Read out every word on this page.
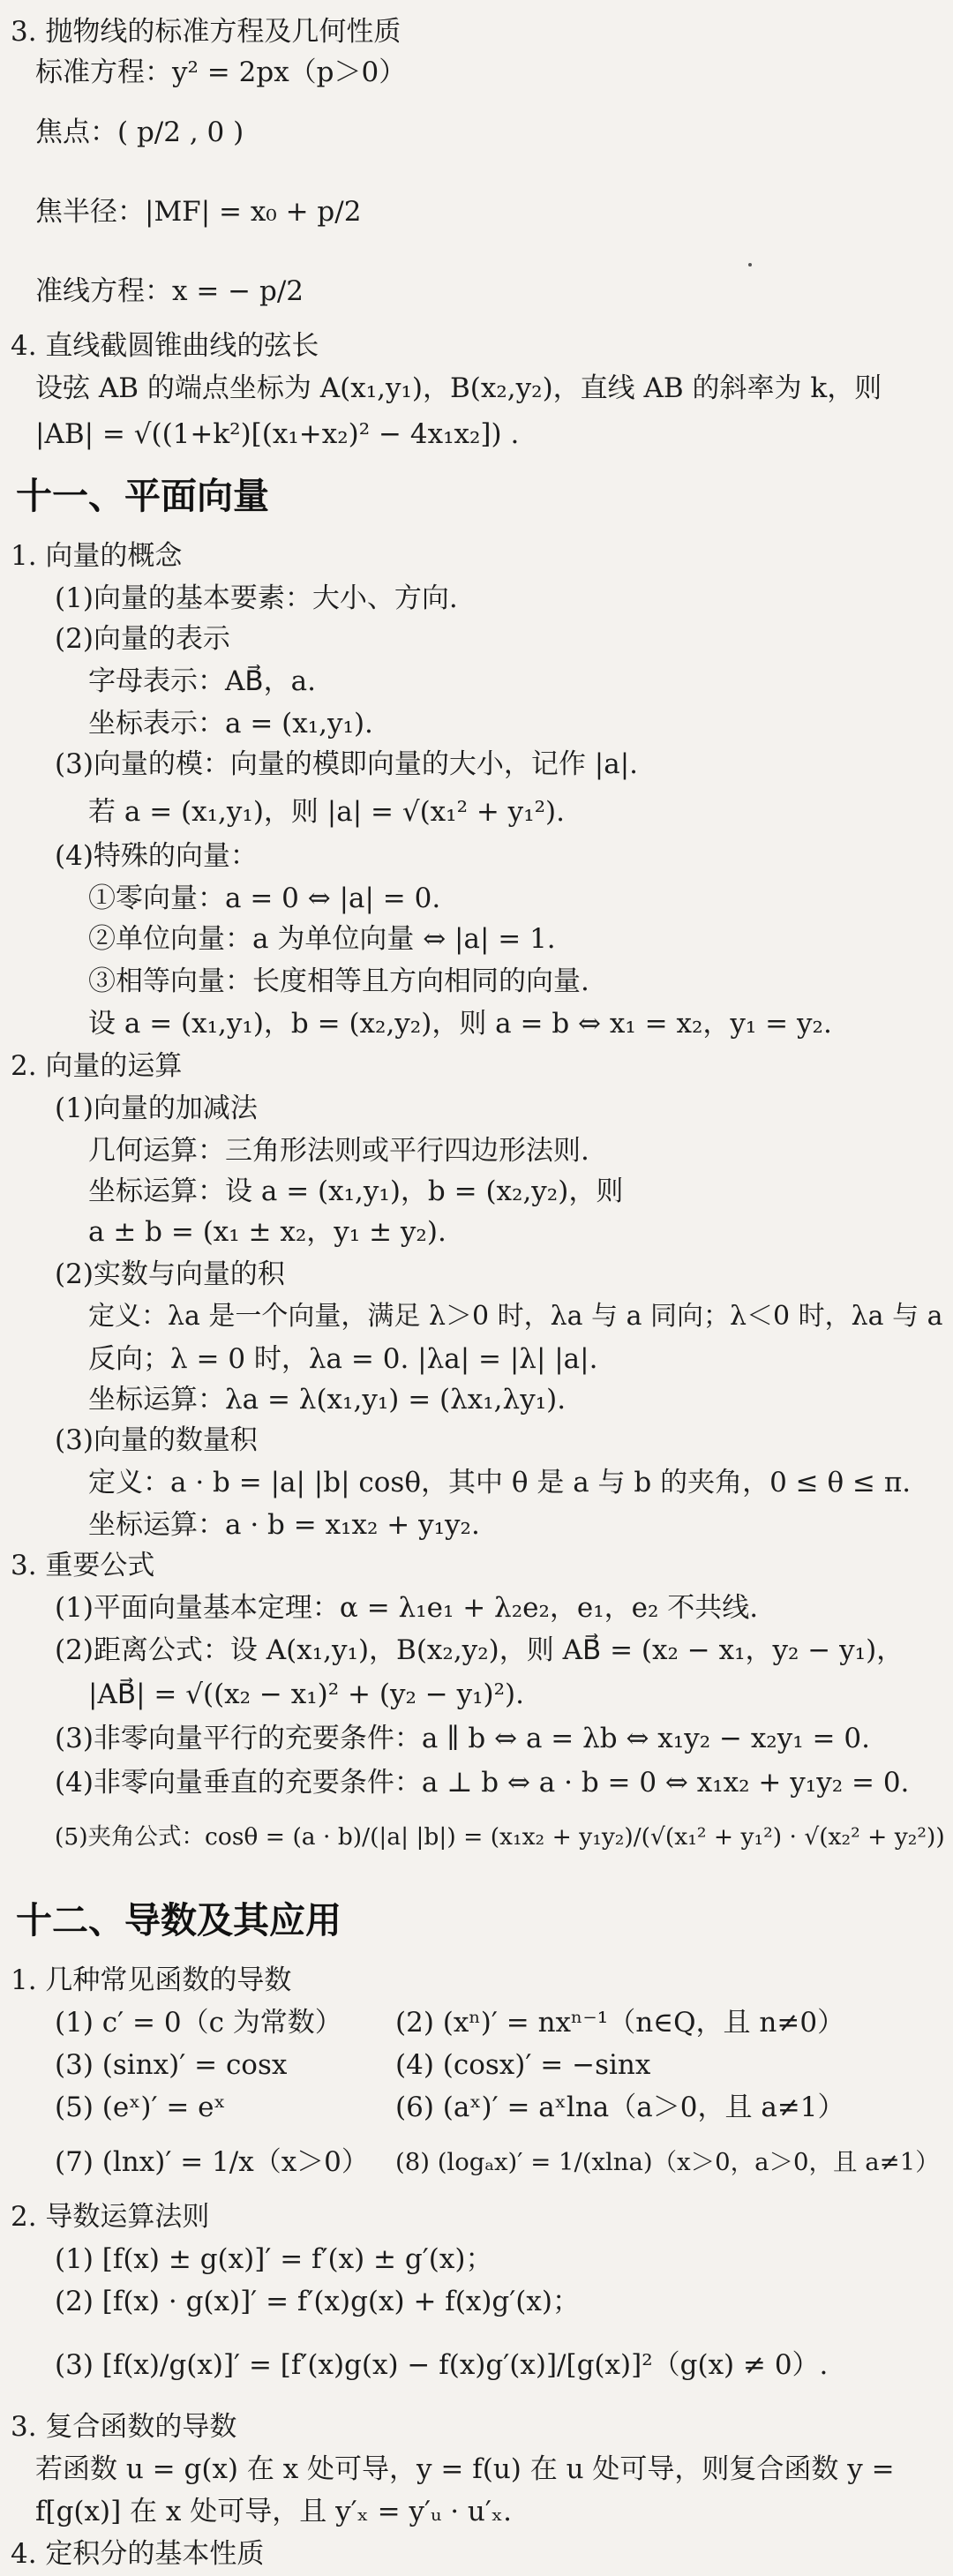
3. 抛物线的标准方程及几何性质
标准方程：y² = 2px（p＞0）
焦点：( p/2 , 0 )
焦半径：|MF| = x₀ + p/2
准线方程：x = − p/2
4. 直线截圆锥曲线的弦长
设弦 AB 的端点坐标为 A(x₁,y₁)，B(x₂,y₂)，直线 AB 的斜率为 k，则
|AB| = √((1+k²)[(x₁+x₂)² − 4x₁x₂]) .
十一、平面向量
1. 向量的概念
(1)向量的基本要素：大小、方向.
(2)向量的表示
字母表示：AB⃗，a.
坐标表示：a = (x₁,y₁).
(3)向量的模：向量的模即向量的大小，记作 |a|.
若 a = (x₁,y₁)，则 |a| = √(x₁² + y₁²).
(4)特殊的向量：
①零向量：a = 0 ⇔ |a| = 0.
②单位向量：a 为单位向量 ⇔ |a| = 1.
③相等向量：长度相等且方向相同的向量.
设 a = (x₁,y₁)，b = (x₂,y₂)，则 a = b ⇔ x₁ = x₂，y₁ = y₂.
2. 向量的运算
(1)向量的加减法
几何运算：三角形法则或平行四边形法则.
坐标运算：设 a = (x₁,y₁)，b = (x₂,y₂)，则
a ± b = (x₁ ± x₂，y₁ ± y₂).
(2)实数与向量的积
定义：λa 是一个向量，满足 λ＞0 时，λa 与 a 同向；λ＜0 时，λa 与 a
反向；λ = 0 时，λa = 0. |λa| = |λ| |a|.
坐标运算：λa = λ(x₁,y₁) = (λx₁,λy₁).
(3)向量的数量积
定义：a · b = |a| |b| cosθ，其中 θ 是 a 与 b 的夹角，0 ≤ θ ≤ π.
坐标运算：a · b = x₁x₂ + y₁y₂.
3. 重要公式
(1)平面向量基本定理：α = λ₁e₁ + λ₂e₂，e₁，e₂ 不共线.
(2)距离公式：设 A(x₁,y₁)，B(x₂,y₂)，则 AB⃗ = (x₂ − x₁，y₂ − y₁)，
|AB⃗| = √((x₂ − x₁)² + (y₂ − y₁)²).
(3)非零向量平行的充要条件：a ∥ b ⇔ a = λb ⇔ x₁y₂ − x₂y₁ = 0.
(4)非零向量垂直的充要条件：a ⊥ b ⇔ a · b = 0 ⇔ x₁x₂ + y₁y₂ = 0.
(5)夹角公式：cosθ = (a · b)/(|a| |b|) = (x₁x₂ + y₁y₂)/(√(x₁² + y₁²) · √(x₂² + y₂²))
十二、导数及其应用
1. 几种常见函数的导数
(1) c′ = 0（c 为常数） (2) (xⁿ)′ = nxⁿ⁻¹（n∈Q，且 n≠0）
(3) (sinx)′ = cosx	(4) (cosx)′ = −sinx
(5) (eˣ)′ = eˣ	(6) (aˣ)′ = aˣlna（a＞0，且 a≠1）
(7) (lnx)′ = 1/x（x＞0） (8) (logₐx)′ = 1/(xlna)（x＞0，a＞0，且 a≠1）
2. 导数运算法则
(1) [f(x) ± g(x)]′ = f′(x) ± g′(x)；
(2) [f(x) · g(x)]′ = f′(x)g(x) + f(x)g′(x)；
(3) [f(x)/g(x)]′ = [f′(x)g(x) − f(x)g′(x)]/[g(x)]²（g(x) ≠ 0）.
3. 复合函数的导数
若函数 u = g(x) 在 x 处可导，y = f(u) 在 u 处可导，则复合函数 y =
f[g(x)] 在 x 处可导，且 y′ₓ = y′ᵤ · u′ₓ.
4. 定积分的基本性质
